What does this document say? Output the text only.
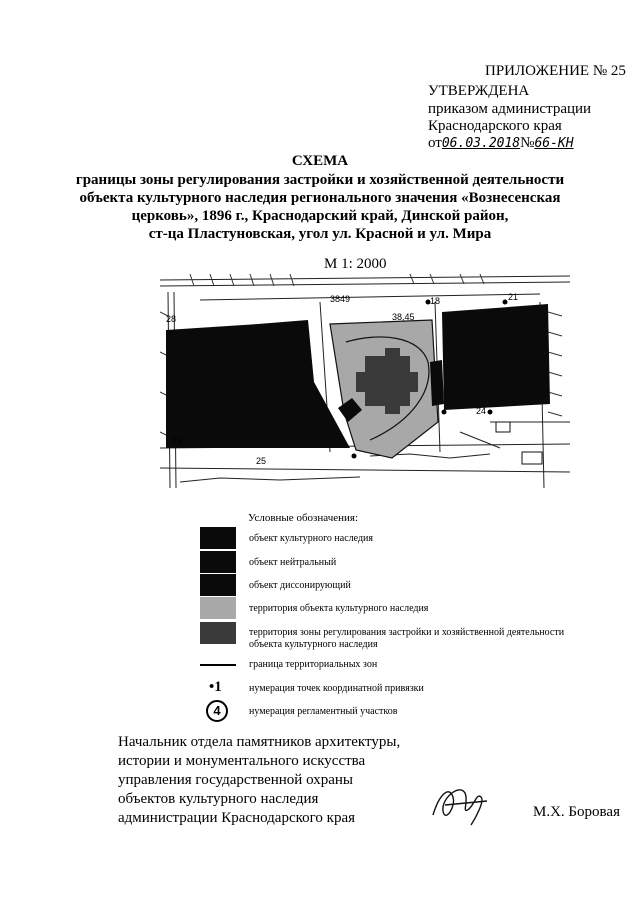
ПРИЛОЖЕНИЕ № 25
УТВЕРЖДЕНА
приказом администрации
Краснодарского края
от06.03.2018№66-КН
СХЕМА
границы зоны регулирования застройки и хозяйственной деятельности
объекта культурного наследия регионального значения «Вознесенская
церковь», 1896 г., Краснодарский край, Динской район,
ст-ца Пластуновская, угол ул. Красной и ул. Мира
М 1: 2000
18	21
24
25
26
28
3849
38,45
Условные обозначения:
объект культурного наследия
объект нейтральный
объект диссонирующий
территория объекта культурного наследия
территория зоны регулирования застройки и хозяйственной деятельности объекта культурного наследия
граница территориальных зон
•1	нумерация точек координатной привязки
4	нумерация регламентный участков
Начальник отдела памятников архитектуры,
истории и монументального искусства
управления государственной охраны
объектов культурного наследия
администрации Краснодарского края	М.Х. Боровая
